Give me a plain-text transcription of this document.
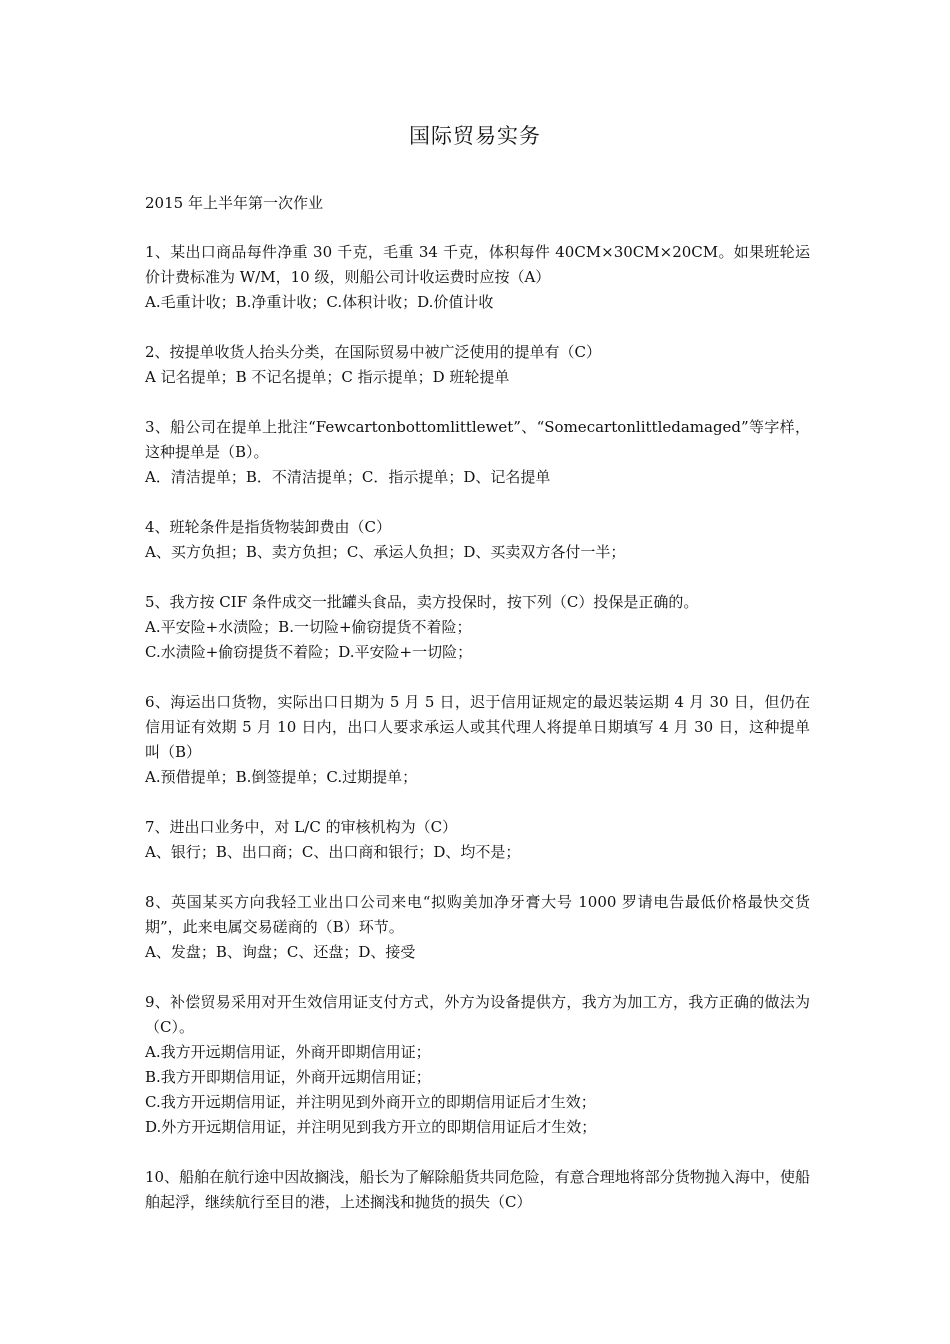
国际贸易实务
2015 年上半年第一次作业

1、某出口商品每件净重 30 千克，毛重 34 千克，体积每件 40CM×30CM×20CM。如果班轮运价计费标准为 W/M，10 级，则船公司计收运费时应按（A）

A.毛重计收；B.净重计收；C.体积计收；D.价值计收

2、按提单收货人抬头分类，在国际贸易中被广泛使用的提单有（C）

A 记名提单；B 不记名提单；C 指示提单；D 班轮提单

3、船公司在提单上批注“Fewcartonbottomlittlewet”、“Somecartonlittledamaged”等字样，这种提单是（B）。

A．清洁提单；B．不清洁提单；C．指示提单；D、记名提单

4、班轮条件是指货物装卸费由（C）

A、买方负担；B、卖方负担；C、承运人负担；D、买卖双方各付一半；

5、我方按 CIF 条件成交一批罐头食品，卖方投保时，按下列（C）投保是正确的。

A.平安险+水渍险；B.一切险+偷窃提货不着险；

C.水渍险+偷窃提货不着险；D.平安险+一切险；

6、海运出口货物，实际出口日期为 5 月 5 日，迟于信用证规定的最迟装运期 4 月 30 日，但仍在信用证有效期 5 月 10 日内，出口人要求承运人或其代理人将提单日期填写 4 月 30 日，这种提单叫（B）

A.预借提单；B.倒签提单；C.过期提单；

7、进出口业务中，对 L/C 的审核机构为（C）

A、银行；B、出口商；C、出口商和银行；D、均不是；

8、英国某买方向我轻工业出口公司来电“拟购美加净牙膏大号 1000 罗请电告最低价格最快交货期”，此来电属交易磋商的（B）环节。

A、发盘；B、询盘；C、还盘；D、接受

9、补偿贸易采用对开生效信用证支付方式，外方为设备提供方，我方为加工方，我方正确的做法为（C）。

A.我方开远期信用证，外商开即期信用证；

B.我方开即期信用证，外商开远期信用证；

C.我方开远期信用证，并注明见到外商开立的即期信用证后才生效；

D.外方开远期信用证，并注明见到我方开立的即期信用证后才生效；

10、船舶在航行途中因故搁浅，船长为了解除船货共同危险，有意合理地将部分货物抛入海中，使船舶起浮，继续航行至目的港，上述搁浅和抛货的损失（C）
